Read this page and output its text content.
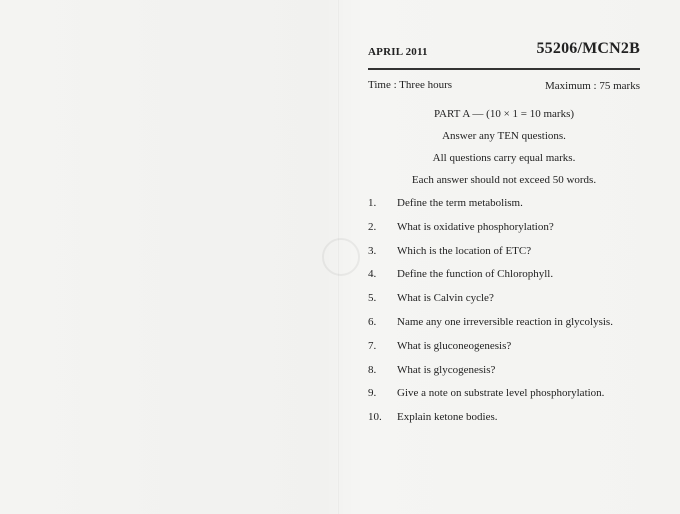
APRIL 2011	55206/MCN2B
Time : Three hours	Maximum : 75 marks
PART A — (10 × 1 = 10 marks)
Answer any TEN questions.
All questions carry equal marks.
Each answer should not exceed 50 words.
1. Define the term metabolism.
2. What is oxidative phosphorylation?
3. Which is the location of ETC?
4. Define the function of Chlorophyll.
5. What is Calvin cycle?
6. Name any one irreversible reaction in glycolysis.
7. What is gluconeogenesis?
8. What is glycogenesis?
9. Give a note on substrate level phosphorylation.
10. Explain ketone bodies.
